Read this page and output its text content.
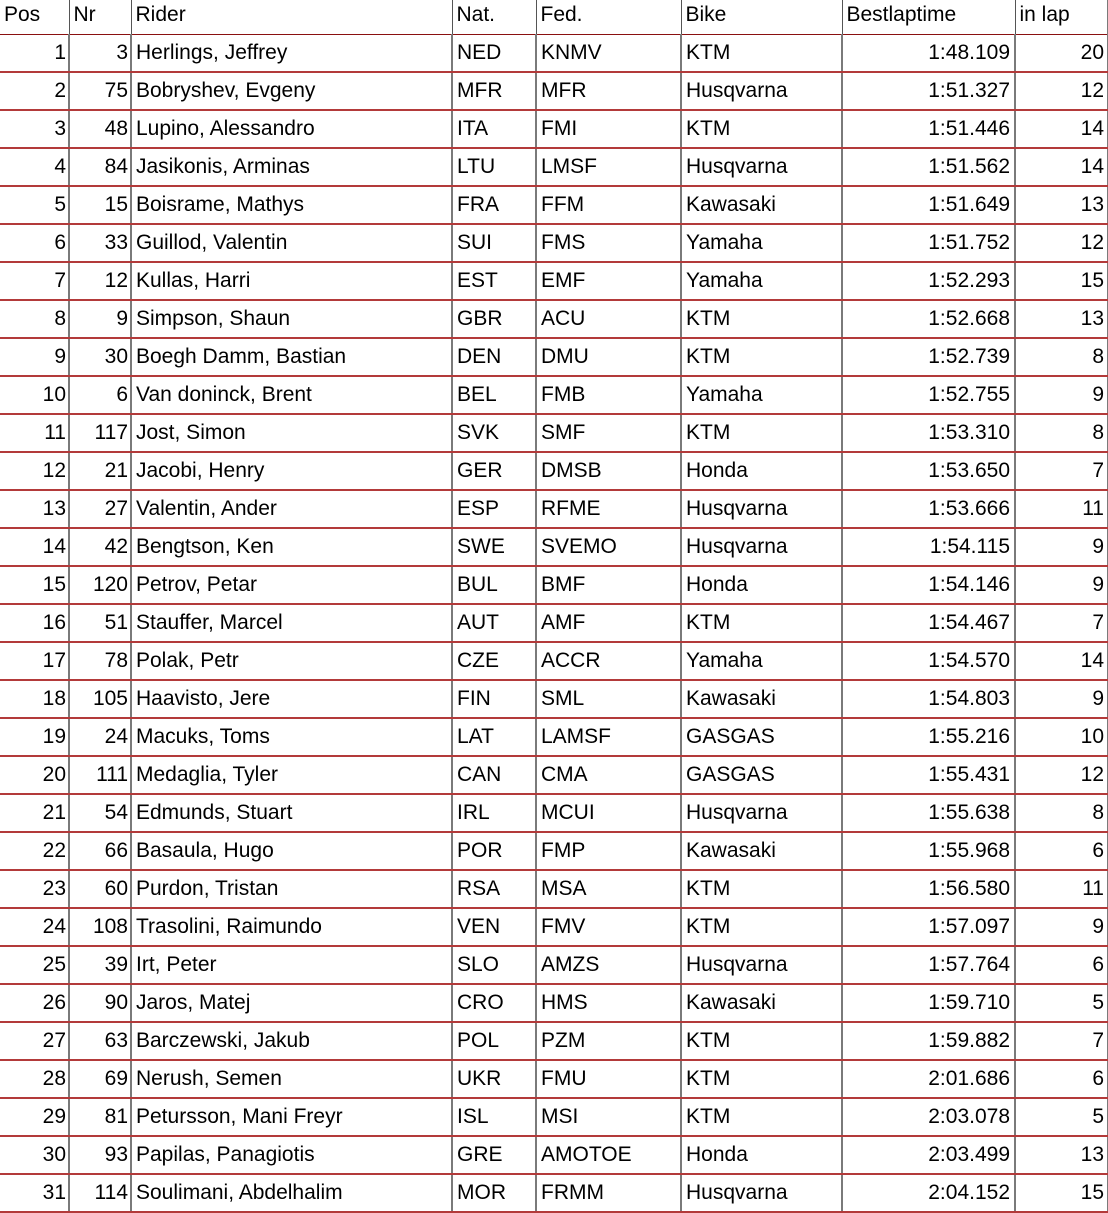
Pos	Nr	Rider	Nat.	Fed.	Bike	Bestlaptime	in lap
1	3	Herlings, Jeffrey	NED	KNMV	KTM	1:48.109	20
2	75	Bobryshev, Evgeny	MFR	MFR	Husqvarna	1:51.327	12
3	48	Lupino, Alessandro	ITA	FMI	KTM	1:51.446	14
4	84	Jasikonis, Arminas	LTU	LMSF	Husqvarna	1:51.562	14
5	15	Boisrame, Mathys	FRA	FFM	Kawasaki	1:51.649	13
6	33	Guillod, Valentin	SUI	FMS	Yamaha	1:51.752	12
7	12	Kullas, Harri	EST	EMF	Yamaha	1:52.293	15
8	9	Simpson, Shaun	GBR	ACU	KTM	1:52.668	13
9	30	Boegh Damm, Bastian	DEN	DMU	KTM	1:52.739	8
10	6	Van doninck, Brent	BEL	FMB	Yamaha	1:52.755	9
11	117	Jost, Simon	SVK	SMF	KTM	1:53.310	8
12	21	Jacobi, Henry	GER	DMSB	Honda	1:53.650	7
13	27	Valentin, Ander	ESP	RFME	Husqvarna	1:53.666	11
14	42	Bengtson, Ken	SWE	SVEMO	Husqvarna	1:54.115	9
15	120	Petrov, Petar	BUL	BMF	Honda	1:54.146	9
16	51	Stauffer, Marcel	AUT	AMF	KTM	1:54.467	7
17	78	Polak, Petr	CZE	ACCR	Yamaha	1:54.570	14
18	105	Haavisto, Jere	FIN	SML	Kawasaki	1:54.803	9
19	24	Macuks, Toms	LAT	LAMSF	GASGAS	1:55.216	10
20	111	Medaglia, Tyler	CAN	CMA	GASGAS	1:55.431	12
21	54	Edmunds, Stuart	IRL	MCUI	Husqvarna	1:55.638	8
22	66	Basaula, Hugo	POR	FMP	Kawasaki	1:55.968	6
23	60	Purdon, Tristan	RSA	MSA	KTM	1:56.580	11
24	108	Trasolini, Raimundo	VEN	FMV	KTM	1:57.097	9
25	39	Irt, Peter	SLO	AMZS	Husqvarna	1:57.764	6
26	90	Jaros, Matej	CRO	HMS	Kawasaki	1:59.710	5
27	63	Barczewski, Jakub	POL	PZM	KTM	1:59.882	7
28	69	Nerush, Semen	UKR	FMU	KTM	2:01.686	6
29	81	Petursson, Mani Freyr	ISL	MSI	KTM	2:03.078	5
30	93	Papilas, Panagiotis	GRE	AMOTOE	Honda	2:03.499	13
31	114	Soulimani, Abdelhalim	MOR	FRMM	Husqvarna	2:04.152	15
